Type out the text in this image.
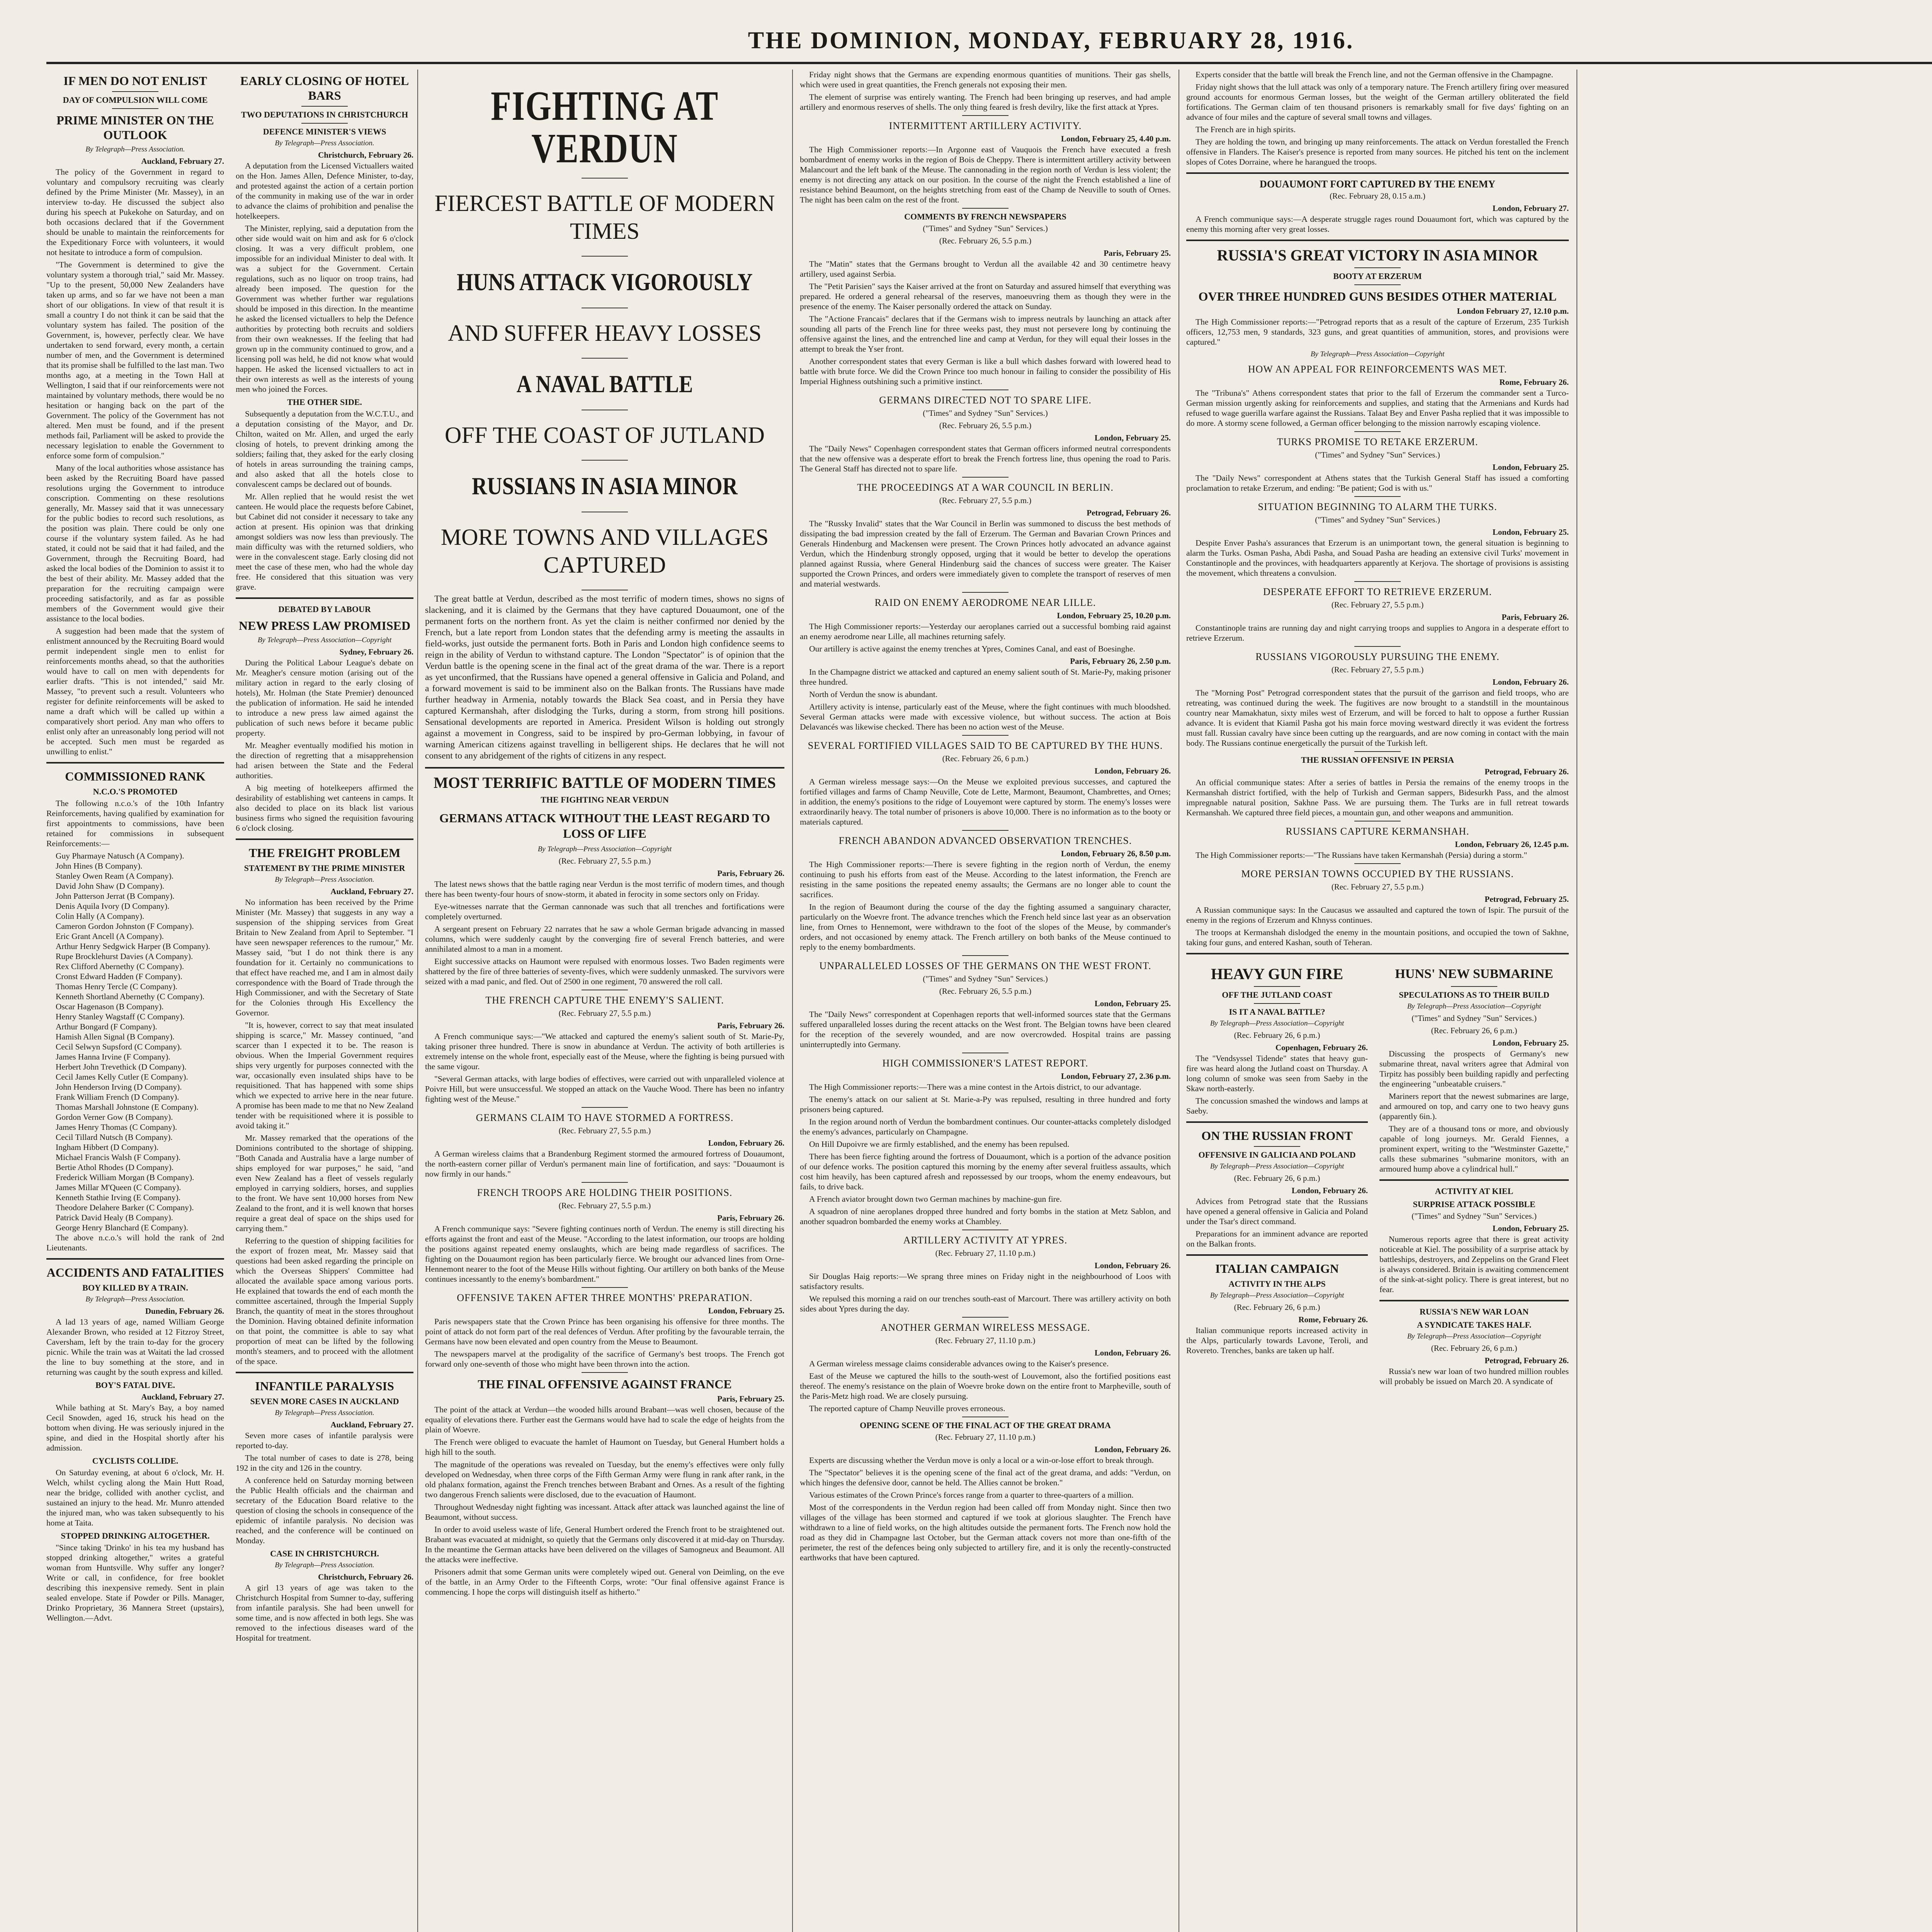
THE DOMINION, MONDAY, FEBRUARY 28, 1916.
IF MEN DO NOT ENLIST
DAY OF COMPULSION WILL COME
PRIME MINISTER ON THE OUTLOOK
By Telegraph—Press Association.
Auckland, February 27.

The policy of the Government in regard to voluntary and compulsory recruiting was clearly defined by the Prime Minister (Mr. Massey), in an interview to-day. He discussed the subject also during his speech at Pukekohe on Saturday, and on both occasions declared that if the Government should be unable to maintain the reinforcements for the Expeditionary Force with volunteers, it would not hesitate to introduce a form of compulsion.

"The Government is determined to give the voluntary system a thorough trial," said Mr. Massey. "Up to the present, 50,000 New Zealanders have taken up arms, and so far we have not been a man short of our obligations. In view of that result it is small a country I do not think it can be said that the voluntary system has failed. The position of the Government, is, however, perfectly clear. We have undertaken to send forward, every month, a certain number of men, and the Government is determined that its promise shall be fulfilled to the last man. Two months ago, at a meeting in the Town Hall at Wellington, I said that if our reinforcements were not maintained by voluntary methods, there would be no hesitation or hanging back on the part of the Government. The policy of the Government has not altered. Men must be found, and if the present methods fail, Parliament will be asked to provide the necessary legislation to enable the Government to enforce some form of compulsion."

Many of the local authorities whose assistance has been asked by the Recruiting Board have passed resolutions urging the Government to introduce conscription. Commenting on these resolutions generally, Mr. Massey said that it was unnecessary for the public bodies to record such resolutions, as the position was plain. There could be only one course if the voluntary system failed. As he had stated, it could not be said that it had failed, and the Government, through the Recruiting Board, had asked the local bodies of the Dominion to assist it to the best of their ability. Mr. Massey added that the preparation for the recruiting campaign were proceeding satisfactorily, and as far as possible members of the Government would give their assistance to the local bodies.

A suggestion had been made that the system of enlistment announced by the Recruiting Board would permit independent single men to enlist for reinforcements months ahead, so that the authorities would have to call on men with dependents for earlier drafts. "This is not intended," said Mr. Massey, "to prevent such a result. Volunteers who register for definite reinforcements will be asked to name a draft which will be called up within a comparatively short period. Any man who offers to enlist only after an unreasonably long period will not be accepted. Such men must be regarded as unwilling to enlist."

COMMISSIONED RANK
N.C.O.'S PROMOTED

The following n.c.o.'s of the 10th Infantry Reinforcements, having qualified by examination for first appointments to commissions, have been retained for commissions in subsequent Reinforcements:—

Guy Pharmaye Natusch (A Company).
John Hines (B Company).
Stanley Owen Ream (A Company).
David John Shaw (D Company).
John Patterson Jerrat (B Company).
Denis Aquila Ivory (D Company).
Colin Hally (A Company).
Cameron Gordon Johnston (F Company).
Eric Grant Ancell (A Company).
Arthur Henry Sedgwick Harper (B Company).
Rupe Brocklehurst Davies (A Company).
Rex Clifford Abernethy (C Company).
Cronst Edward Hadden (F Company).
Thomas Henry Tercle (C Company).
Kenneth Shortland Abernethy (C Company).
Oscar Hagenason (B Company).
Henry Stanley Wagstaff (C Company).
Arthur Bongard (F Company).
Hamish Allen Signal (B Company).
Cecil Selwyn Supsford (C Company).
James Hanna Irvine (F Company).
Herbert John Trevethick (D Company).
Cecil James Kelly Cutler (E Company).
John Henderson Irving (D Company).
Frank William French (D Company).
Thomas Marshall Johnstone (E Company).
Gordon Verner Gow (B Company).
James Henry Thomas (C Company).
Cecil Tillard Nutsch (B Company).
Ingham Hibbert (D Company).
Michael Francis Walsh (F Company).
Bertie Athol Rhodes (D Company).
Frederick William Morgan (B Company).
James Millar M'Queen (C Company).
Kenneth Stathie Irving (E Company).
Theodore Delahere Barker (C Company).
Patrick David Healy (B Company).
George Henry Blanchard (E Company).

The above n.c.o.'s will hold the rank of 2nd Lieutenants.

ACCIDENTS AND FATALITIES
BOY KILLED BY A TRAIN.
By Telegraph—Press Association.
Dunedin, February 26.

A lad 13 years of age, named William George Alexander Brown, who resided at 12 Fitzroy Street, Caversham, left by the train to-day for the grocery picnic. While the train was at Waitati the lad crossed the line to buy something at the store, and in returning was caught by the south express and killed.

BOY'S FATAL DIVE.
Auckland, February 27.

While bathing at St. Mary's Bay, a boy named Cecil Snowden, aged 16, struck his head on the bottom when diving. He was seriously injured in the spine, and died in the Hospital shortly after his admission.

CYCLISTS COLLIDE.

On Saturday evening, at about 6 o'clock, Mr. H. Welch, whilst cycling along the Main Hutt Road, near the bridge, collided with another cyclist, and sustained an injury to the head. Mr. Munro attended the injured man, who was taken subsequently to his home at Taita.

STOPPED DRINKING ALTOGETHER.

"Since taking 'Drinko' in his tea my husband has stopped drinking altogether," writes a grateful woman from Huntsville. Why suffer any longer? Write or call, in confidence, for free booklet describing this inexpensive remedy. Sent in plain sealed envelope. State if Powder or Pills. Manager, Drinko Proprietary, 36 Mannera Street (upstairs), Wellington.—Advt.

EARLY CLOSING OF HOTEL BARS
TWO DEPUTATIONS IN CHRISTCHURCH
DEFENCE MINISTER'S VIEWS
By Telegraph—Press Association.
Christchurch, February 26.

A deputation from the Licensed Victuallers waited on the Hon. James Allen, Defence Minister, to-day, and protested against the action of a certain portion of the community in making use of the war in order to advance the claims of prohibition and penalise the hotelkeepers.

The Minister, replying, said a deputation from the other side would wait on him and ask for 6 o'clock closing. It was a very difficult problem, one impossible for an individual Minister to deal with. It was a subject for the Government. Certain regulations, such as no liquor on troop trains, had already been imposed. The question for the Government was whether further war regulations should be imposed in this direction. In the meantime he asked the licensed victuallers to help the Defence authorities by protecting both recruits and soldiers from their own weaknesses. If the feeling that had grown up in the community continued to grow, and a licensing poll was held, he did not know what would happen. He asked the licensed victuallers to act in their own interests as well as the interests of young men who joined the Forces.

THE OTHER SIDE.

Subsequently a deputation from the W.C.T.U., and a deputation consisting of the Mayor, and Dr. Chilton, waited on Mr. Allen, and urged the early closing of hotels, to prevent drinking among the soldiers; failing that, they asked for the early closing of hotels in areas surrounding the training camps, and also asked that all the hotels close to convalescent camps be declared out of bounds.

Mr. Allen replied that he would resist the wet canteen. He would place the requests before Cabinet, but Cabinet did not consider it necessary to take any action at present. His opinion was that drinking amongst soldiers was now less than previously. The main difficulty was with the returned soldiers, who were in the convalescent stage. Early closing did not meet the case of these men, who had the whole day free. He considered that this situation was very grave.

DEBATED BY LABOUR
NEW PRESS LAW PROMISED
By Telegraph—Press Association—Copyright
Sydney, February 26.

During the Political Labour League's debate on Mr. Meagher's censure motion (arising out of the military action in regard to the early closing of hotels), Mr. Holman (the State Premier) denounced the publication of information. He said he intended to introduce a new press law aimed against the publication of such news before it became public property.

Mr. Meagher eventually modified his motion in the direction of regretting that a misapprehension had arisen between the State and the Federal authorities.

A big meeting of hotelkeepers affirmed the desirability of establishing wet canteens in camps. It also decided to place on its black list various business firms who signed the requisition favouring 6 o'clock closing.

THE FREIGHT PROBLEM
STATEMENT BY THE PRIME MINISTER
By Telegraph—Press Association.
Auckland, February 27.

No information has been received by the Prime Minister (Mr. Massey) that suggests in any way a suspension of the shipping services from Great Britain to New Zealand from April to September. "I have seen newspaper references to the rumour," Mr. Massey said, "but I do not think there is any foundation for it. Certainly no communications to that effect have reached me, and I am in almost daily correspondence with the Board of Trade through the High Commissioner, and with the Secretary of State for the Colonies through His Excellency the Governor.

"It is, however, correct to say that meat insulated shipping is scarce," Mr. Massey continued, "and scarcer than I expected it to be. The reason is obvious. When the Imperial Government requires ships very urgently for purposes connected with the war, occasionally even insulated ships have to be requisitioned. That has happened with some ships which we expected to arrive here in the near future. A promise has been made to me that no New Zealand tender with be requisitioned where it is possible to avoid taking it."

Mr. Massey remarked that the operations of the Dominions contributed to the shortage of shipping. "Both Canada and Australia have a large number of ships employed for war purposes," he said, "and even New Zealand has a fleet of vessels regularly employed in carrying soldiers, horses, and supplies to the front. We have sent 10,000 horses from New Zealand to the front, and it is well known that horses require a great deal of space on the ships used for carrying them."

Referring to the question of shipping facilities for the export of frozen meat, Mr. Massey said that questions had been asked regarding the principle on which the Overseas Shippers' Committee had allocated the available space among various ports. He explained that towards the end of each month the committee ascertained, through the Imperial Supply Branch, the quantity of meat in the stores throughout the Dominion. Having obtained definite information on that point, the committee is able to say what proportion of meat can be lifted by the following month's steamers, and to proceed with the allotment of the space.

INFANTILE PARALYSIS
SEVEN MORE CASES IN AUCKLAND
By Telegraph—Press Association.
Auckland, February 27.

Seven more cases of infantile paralysis were reported to-day.

The total number of cases to date is 278, being 192 in the city and 126 in the country.

A conference held on Saturday morning between the Public Health officials and the chairman and secretary of the Education Board relative to the question of closing the schools in consequence of the epidemic of infantile paralysis. No decision was reached, and the conference will be continued on Monday.

CASE IN CHRISTCHURCH.
By Telegraph—Press Association.
Christchurch, February 26.

A girl 13 years of age was taken to the Christchurch Hospital from Sumner to-day, suffering from infantile paralysis. She had been unwell for some time, and is now affected in both legs. She was removed to the infectious diseases ward of the Hospital for treatment.

FIGHTING AT VERDUN
FIERCEST BATTLE OF MODERN TIMES
HUNS ATTACK VIGOROUSLY
AND SUFFER HEAVY LOSSES
A NAVAL BATTLE
OFF THE COAST OF JUTLAND
RUSSIANS IN ASIA MINOR
MORE TOWNS AND VILLAGES CAPTURED

The great battle at Verdun, described as the most terrific of modern times, shows no signs of slackening, and it is claimed by the Germans that they have captured Douaumont, one of the permanent forts on the northern front. As yet the claim is neither confirmed nor denied by the French, but a late report from London states that the defending army is meeting the assaults in field-works, just outside the permanent forts. Both in Paris and London high confidence seems to reign in the ability of Verdun to withstand capture. The London "Spectator" is of opinion that the Verdun battle is the opening scene in the final act of the great drama of the war. There is a report as yet unconfirmed, that the Russians have opened a general offensive in Galicia and Poland, and a forward movement is said to be imminent also on the Balkan fronts. The Russians have made further headway in Armenia, notably towards the Black Sea coast, and in Persia they have captured Kermanshah, after dislodging the Turks, during a storm, from strong hill positions. Sensational developments are reported in America. President Wilson is holding out strongly against a movement in Congress, said to be inspired by pro-German lobbying, in favour of warning American citizens against travelling in belligerent ships. He declares that he will not consent to any abridgement of the rights of citizens in any respect.

MOST TERRIFIC BATTLE OF MODERN TIMES
THE FIGHTING NEAR VERDUN
GERMANS ATTACK WITHOUT THE LEAST REGARD TO LOSS OF LIFE
By Telegraph—Press Association—Copyright
(Rec. February 27, 5.5 p.m.)
Paris, February 26.

The latest news shows that the battle raging near Verdun is the most terrific of modern times, and though there has been twenty-four hours of snow-storm, it abated in ferocity in some sectors only on Friday.

Eye-witnesses narrate that the German cannonade was such that all trenches and fortifications were completely overturned.

A sergeant present on February 22 narrates that he saw a whole German brigade advancing in massed columns, which were suddenly caught by the converging fire of several French batteries, and were annihilated almost to a man in a moment.

Eight successive attacks on Haumont were repulsed with enormous losses. Two Baden regiments were shattered by the fire of three batteries of seventy-fives, which were suddenly unmasked. The survivors were seized with a mad panic, and fled. Out of 2500 in one regiment, 70 answered the roll call.

THE FRENCH CAPTURE THE ENEMY'S SALIENT.
(Rec. February 27, 5.5 p.m.)
Paris, February 26.

A French communique says:—"We attacked and captured the enemy's salient south of St. Marie-Py, taking prisoner three hundred. There is snow in abundance at Verdun. The activity of both artilleries is extremely intense on the whole front, especially east of the Meuse, where the fighting is being pursued with the same vigour.

"Several German attacks, with large bodies of effectives, were carried out with unparalleled violence at Poivre Hill, but were unsuccessful. We stopped an attack on the Vauche Wood. There has been no infantry fighting west of the Meuse."

GERMANS CLAIM TO HAVE STORMED A FORTRESS.
(Rec. February 27, 5.5 p.m.)
London, February 26.

A German wireless claims that a Brandenburg Regiment stormed the armoured fortress of Douaumont, the north-eastern corner pillar of Verdun's permanent main line of fortification, and says: "Douaumont is now firmly in our hands."

FRENCH TROOPS ARE HOLDING THEIR POSITIONS.
(Rec. February 27, 5.5 p.m.)
Paris, February 26.

A French communique says: "Severe fighting continues north of Verdun. The enemy is still directing his efforts against the front and east of the Meuse. "According to the latest information, our troops are holding the positions against repeated enemy onslaughts, which are being made regardless of sacrifices. The fighting on the Douaumont region has been particularly fierce. We brought our advanced lines from Orne-Hennemont nearer to the foot of the Meuse Hills without fighting. Our artillery on both banks of the Meuse continues incessantly to the enemy's bombardment."

OFFENSIVE TAKEN AFTER THREE MONTHS' PREPARATION.
London, February 25.

Paris newspapers state that the Crown Prince has been organising his offensive for three months. The point of attack do not form part of the real defences of Verdun. After profiting by the favourable terrain, the Germans have now been elevated and open country from the Meuse to Beaumont.

The newspapers marvel at the prodigality of the sacrifice of Germany's best troops. The French got forward only one-seventh of those who might have been thrown into the action.

THE FINAL OFFENSIVE AGAINST FRANCE
Paris, February 25.

The point of the attack at Verdun—the wooded hills around Brabant—was well chosen, because of the equality of elevations there. Further east the Germans would have had to scale the edge of heights from the plain of Woevre.

The French were obliged to evacuate the hamlet of Haumont on Tuesday, but General Humbert holds a high hill to the south.

The magnitude of the operations was revealed on Tuesday, but the enemy's effectives were only fully developed on Wednesday, when three corps of the Fifth German Army were flung in rank after rank, in the old phalanx formation, against the French trenches between Brabant and Ornes. As a result of the fighting two dangerous French salients were disclosed, due to the evacuation of Haumont.

Throughout Wednesday night fighting was incessant. Attack after attack was launched against the line of Beaumont, without success.

In order to avoid useless waste of life, General Humbert ordered the French front to be straightened out. Brabant was evacuated at midnight, so quietly that the Germans only discovered it at mid-day on Thursday. In the meantime the German attacks have been delivered on the villages of Samogneux and Beaumont. All the attacks were ineffective.

Prisoners admit that some German units were completely wiped out. General von Deimling, on the eve of the battle, in an Army Order to the Fifteenth Corps, wrote: "Our final offensive against France is commencing. I hope the corps will distinguish itself as hitherto."

Friday night shows that the Germans are expending enormous quantities of munitions. Their gas shells, which were used in great quantities, the French generals not exposing their men.

The element of surprise was entirely wanting. The French had been bringing up reserves, and had ample artillery and enormous reserves of shells. The only thing feared is fresh devilry, like the first attack at Ypres.

INTERMITTENT ARTILLERY ACTIVITY.
London, February 25, 4.40 p.m.

The High Commissioner reports:—In Argonne east of Vauquois the French have executed a fresh bombardment of enemy works in the region of Bois de Cheppy. There is intermittent artillery activity between Malancourt and the left bank of the Meuse. The cannonading in the region north of Verdun is less violent; the enemy is not directing any attack on our position. In the course of the night the French established a line of resistance behind Beaumont, on the heights stretching from east of the Champ de Neuville to south of Ornes. The night has been calm on the rest of the front.

COMMENTS BY FRENCH NEWSPAPERS
("Times" and Sydney "Sun" Services.)
(Rec. February 26, 5.5 p.m.)
Paris, February 25.

The "Matin" states that the Germans brought to Verdun all the available 42 and 30 centimetre heavy artillery, used against Serbia.

The "Petit Parisien" says the Kaiser arrived at the front on Saturday and assured himself that everything was prepared. He ordered a general rehearsal of the reserves, manoeuvring them as though they were in the presence of the enemy. The Kaiser personally ordered the attack on Sunday.

The "Actione Francais" declares that if the Germans wish to impress neutrals by launching an attack after sounding all parts of the French line for three weeks past, they must not persevere long by continuing the offensive against the lines, and the entrenched line and camp at Verdun, for they will equal their losses in the attempt to break the Yser front.

Another correspondent states that every German is like a bull which dashes forward with lowered head to battle with brute force. We did the Crown Prince too much honour in failing to consider the possibility of His Imperial Highness outshining such a primitive instinct.

GERMANS DIRECTED NOT TO SPARE LIFE.
("Times" and Sydney "Sun" Services.)
(Rec. February 26, 5.5 p.m.)
London, February 25.

The "Daily News" Copenhagen correspondent states that German officers informed neutral correspondents that the new offensive was a desperate effort to break the French fortress line, thus opening the road to Paris. The General Staff has directed not to spare life.

THE PROCEEDINGS AT A WAR COUNCIL IN BERLIN.
(Rec. February 27, 5.5 p.m.)
Petrograd, February 26.

The "Russky Invalid" states that the War Council in Berlin was summoned to discuss the best methods of dissipating the bad impression created by the fall of Erzerum. The German and Bavarian Crown Princes and Generals Hindenburg and Mackensen were present. The Crown Princes hotly advocated an advance against Verdun, which the Hindenburg strongly opposed, urging that it would be better to develop the operations planned against Russia, where General Hindenburg said the chances of success were greater. The Kaiser supported the Crown Princes, and orders were immediately given to complete the transport of reserves of men and material westwards.

RAID ON ENEMY AERODROME NEAR LILLE.
London, February 25, 10.20 p.m.

The High Commissioner reports:—Yesterday our aeroplanes carried out a successful bombing raid against an enemy aerodrome near Lille, all machines returning safely.

Our artillery is active against the enemy trenches at Ypres, Comines Canal, and east of Boesinghe.

Paris, February 26, 2.50 p.m.

In the Champagne district we attacked and captured an enemy salient south of St. Marie-Py, making prisoner three hundred.

North of Verdun the snow is abundant.

Artillery activity is intense, particularly east of the Meuse, where the fight continues with much bloodshed. Several German attacks were made with excessive violence, but without success. The action at Bois Delavancés was likewise checked. There has been no action west of the Meuse.

SEVERAL FORTIFIED VILLAGES SAID TO BE CAPTURED BY THE HUNS.
(Rec. February 26, 6 p.m.)
London, February 26.

A German wireless message says:—On the Meuse we exploited previous successes, and captured the fortified villages and farms of Champ Neuville, Cote de Lette, Marmont, Beaumont, Chambrettes, and Ornes; in addition, the enemy's positions to the ridge of Louyemont were captured by storm. The enemy's losses were extraordinarily heavy. The total number of prisoners is above 10,000. There is no information as to the booty or materials captured.

FRENCH ABANDON ADVANCED OBSERVATION TRENCHES.
London, February 26, 8.50 p.m.

The High Commissioner reports:—There is severe fighting in the region north of Verdun, the enemy continuing to push his efforts from east of the Meuse. According to the latest information, the French are resisting in the same positions the repeated enemy assaults; the Germans are no longer able to count the sacrifices.

In the region of Beaumont during the course of the day the fighting assumed a sanguinary character, particularly on the Woevre front. The advance trenches which the French held since last year as an observation line, from Ornes to Hennemont, were withdrawn to the foot of the slopes of the Meuse, by commander's orders, and not occasioned by enemy attack. The French artillery on both banks of the Meuse continued to reply to the enemy bombardments.

UNPARALLELED LOSSES OF THE GERMANS ON THE WEST FRONT.
("Times" and Sydney "Sun" Services.)
(Rec. February 26, 5.5 p.m.)
London, February 25.

The "Daily News" correspondent at Copenhagen reports that well-informed sources state that the Germans suffered unparalleled losses during the recent attacks on the West front. The Belgian towns have been cleared for the reception of the severely wounded, and are now overcrowded. Hospital trains are passing uninterruptedly into Germany.

HIGH COMMISSIONER'S LATEST REPORT.
London, February 27, 2.36 p.m.

The High Commissioner reports:—There was a mine contest in the Artois district, to our advantage.

The enemy's attack on our salient at St. Marie-a-Py was repulsed, resulting in three hundred and forty prisoners being captured.

In the region around north of Verdun the bombardment continues. Our counter-attacks completely dislodged the enemy's advances, particularly on Champagne.

On Hill Dupoivre we are firmly established, and the enemy has been repulsed.

There has been fierce fighting around the fortress of Douaumont, which is a portion of the advance position of our defence works. The position captured this morning by the enemy after several fruitless assaults, which cost him heavily, has been captured afresh and repossessed by our troops, whom the enemy endeavours, but fails, to drive back.

A French aviator brought down two German machines by machine-gun fire.

A squadron of nine aeroplanes dropped three hundred and forty bombs in the station at Metz Sablon, and another squadron bombarded the enemy works at Chambley.

ARTILLERY ACTIVITY AT YPRES.
(Rec. February 27, 11.10 p.m.)
London, February 26.

Sir Douglas Haig reports:—We sprang three mines on Friday night in the neighbourhood of Loos with satisfactory results.

We repulsed this morning a raid on our trenches south-east of Marcourt. There was artillery activity on both sides about Ypres during the day.

ANOTHER GERMAN WIRELESS MESSAGE.
(Rec. February 27, 11.10 p.m.)
London, February 26.

A German wireless message claims considerable advances owing to the Kaiser's presence.

East of the Meuse we captured the hills to the south-west of Louvemont, also the fortified positions east thereof. The enemy's resistance on the plain of Woevre broke down on the entire front to Marpheville, south of the Paris-Metz high road. We are closely pursuing.

The reported capture of Champ Neuville proves erroneous.

OPENING SCENE OF THE FINAL ACT OF THE GREAT DRAMA
(Rec. February 27, 11.10 p.m.)
London, February 26.

Experts are discussing whether the Verdun move is only a local or a win-or-lose effort to break through.

The "Spectator" believes it is the opening scene of the final act of the great drama, and adds: "Verdun, on which hinges the defensive door, cannot be held. The Allies cannot be broken."

Various estimates of the Crown Prince's forces range from a quarter to three-quarters of a million.

Most of the correspondents in the Verdun region had been called off from Monday night. Since then two villages of the village has been stormed and captured if we took at glorious slaughter. The French have withdrawn to a line of field works, on the high altitudes outside the permanent forts. The French now hold the road as they did in Champagne last October, but the German attack covers not more than one-fifth of the perimeter, the rest of the defences being only subjected to artillery fire, and it is only the recently-constructed earthworks that have been captured.

Experts consider that the battle will break the French line, and not the German offensive in the Champagne.

Friday night shows that the lull attack was only of a temporary nature. The French artillery firing over measured ground accounts for enormous German losses, but the weight of the German artillery obliterated the field fortifications. The German claim of ten thousand prisoners is remarkably small for five days' fighting on an advance of four miles and the capture of several small towns and villages.

The French are in high spirits.

They are holding the town, and bringing up many reinforcements. The attack on Verdun forestalled the French offensive in Flanders. The Kaiser's presence is reported from many sources. He pitched his tent on the inclement slopes of Cotes Dorraine, where he harangued the troops.

DOUAUMONT FORT CAPTURED BY THE ENEMY
(Rec. February 28, 0.15 a.m.)
London, February 27.

A French communique says:—A desperate struggle rages round Douaumont fort, which was captured by the enemy this morning after very great losses.

RUSSIA'S GREAT VICTORY IN ASIA MINOR
BOOTY AT ERZERUM
OVER THREE HUNDRED GUNS BESIDES OTHER MATERIAL
London February 27, 12.10 p.m.

The High Commissioner reports:—"Petrograd reports that as a result of the capture of Erzerum, 235 Turkish officers, 12,753 men, 9 standards, 323 guns, and great quantities of ammunition, stores, and provisions were captured."

By Telegraph—Press Association—Copyright
HOW AN APPEAL FOR REINFORCEMENTS WAS MET.
Rome, February 26.

The "Tribuna's" Athens correspondent states that prior to the fall of Erzerum the commander sent a Turco-German mission urgently asking for reinforcements and supplies, and stating that the Armenians and Kurds had refused to wage guerilla warfare against the Russians. Talaat Bey and Enver Pasha replied that it was impossible to do more. A stormy scene followed, a German officer belonging to the mission narrowly escaping violence.

TURKS PROMISE TO RETAKE ERZERUM.
("Times" and Sydney "Sun" Services.)
London, February 25.

The "Daily News" correspondent at Athens states that the Turkish General Staff has issued a comforting proclamation to retake Erzerum, and ending: "Be patient; God is with us."

SITUATION BEGINNING TO ALARM THE TURKS.
("Times" and Sydney "Sun" Services.)
London, February 25.

Despite Enver Pasha's assurances that Erzerum is an unimportant town, the general situation is beginning to alarm the Turks. Osman Pasha, Abdi Pasha, and Souad Pasha are heading an extensive civil Turks' movement in Constantinople and the provinces, with headquarters apparently at Kerjova. The shortage of provisions is assisting the movement, which threatens a convulsion.

DESPERATE EFFORT TO RETRIEVE ERZERUM.
(Rec. February 27, 5.5 p.m.)
Paris, February 26.

Constantinople trains are running day and night carrying troops and supplies to Angora in a desperate effort to retrieve Erzerum.

RUSSIANS VIGOROUSLY PURSUING THE ENEMY.
(Rec. February 27, 5.5 p.m.)
London, February 26.

The "Morning Post" Petrograd correspondent states that the pursuit of the garrison and field troops, who are retreating, was continued during the week. The fugitives are now brought to a standstill in the mountainous country near Mamakhatun, sixty miles west of Erzerum, and will be forced to halt to oppose a further Russian advance. It is evident that Kiamil Pasha got his main force moving westward directly it was evident the fortress must fall. Russian cavalry have since been cutting up the rearguards, and are now coming in contact with the main body. The Russians continue energetically the pursuit of the Turkish left.

THE RUSSIAN OFFENSIVE IN PERSIA
Petrograd, February 26.

An official communique states: After a series of battles in Persia the remains of the enemy troops in the Kermanshah district fortified, with the help of Turkish and German sappers, Bidesurkh Pass, and the almost impregnable natural position, Sakhne Pass. We are pursuing them. The Turks are in full retreat towards Kermanshah. We captured three field pieces, a mountain gun, and other weapons and ammunition.

RUSSIANS CAPTURE KERMANSHAH.
London, February 26, 12.45 p.m.

The High Commissioner reports:—"The Russians have taken Kermanshah (Persia) during a storm."

MORE PERSIAN TOWNS OCCUPIED BY THE RUSSIANS.
(Rec. February 27, 5.5 p.m.)
Petrograd, February 25.

A Russian communique says: In the Caucasus we assaulted and captured the town of Ispir. The pursuit of the enemy in the regions of Erzerum and Khnyss continues.

The troops at Kermanshah dislodged the enemy in the mountain positions, and occupied the town of Sakhne, taking four guns, and entered Kashan, south of Teheran.

HEAVY GUN FIRE
OFF THE JUTLAND COAST
IS IT A NAVAL BATTLE?
By Telegraph—Press Association—Copyright
(Rec. February 26, 6 p.m.)
Copenhagen, February 26.

The "Vendsyssel Tidende" states that heavy gun-fire was heard along the Jutland coast on Thursday. A long column of smoke was seen from Saeby in the Skaw north-easterly.

The concussion smashed the windows and lamps at Saeby.

ON THE RUSSIAN FRONT
OFFENSIVE IN GALICIA AND POLAND
By Telegraph—Press Association—Copyright
(Rec. February 26, 6 p.m.)
London, February 26.

Advices from Petrograd state that the Russians have opened a general offensive in Galicia and Poland under the Tsar's direct command.

Preparations for an imminent advance are reported on the Balkan fronts.

ITALIAN CAMPAIGN
ACTIVITY IN THE ALPS
By Telegraph—Press Association—Copyright
(Rec. February 26, 6 p.m.)
Rome, February 26.

Italian communique reports increased activity in the Alps, particularly towards Lavone, Teroli, and Rovereto. Trenches, banks are taken up half.

HUNS' NEW SUBMARINE
SPECULATIONS AS TO THEIR BUILD
By Telegraph—Press Association—Copyright
("Times" and Sydney "Sun" Services.)
(Rec. February 26, 6 p.m.)
London, February 25.

Discussing the prospects of Germany's new submarine threat, naval writers agree that Admiral von Tirpitz has possibly been building rapidly and perfecting the engineering "unbeatable cruisers."

Mariners report that the newest submarines are large, and armoured on top, and carry one to two heavy guns (apparently 6in.).

They are of a thousand tons or more, and obviously capable of long journeys. Mr. Gerald Fiennes, a prominent expert, writing to the "Westminster Gazette," calls these submarines "submarine monitors, with an armoured hump above a cylindrical hull."

ACTIVITY AT KIEL
SURPRISE ATTACK POSSIBLE
("Times" and Sydney "Sun" Services.)
London, February 25.

Numerous reports agree that there is great activity noticeable at Kiel. The possibility of a surprise attack by battleships, destroyers, and Zeppelins on the Grand Fleet is always considered. Britain is awaiting commencement of the sink-at-sight policy. There is great interest, but no fear.

RUSSIA'S NEW WAR LOAN
A SYNDICATE TAKES HALF.
By Telegraph—Press Association—Copyright
(Rec. February 26, 6 p.m.)
Petrograd, February 26.

Russia's new war loan of two hundred million roubles will probably be issued on March 20. A syndicate of
